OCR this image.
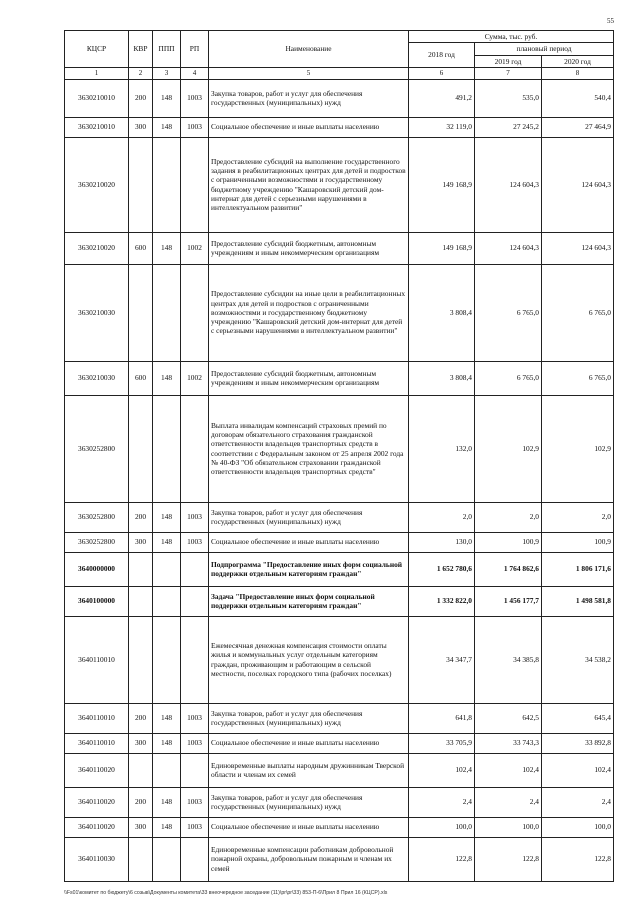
55
КЦСР	КВР	ППП	РП	Наименование	Сумма, тыс. руб.		
					2018 год	плановый период	
						2019 год	2020 год
1	2	3	4	5	6	7	8
3630210010	200	148	1003	Закупка товаров, работ и услуг для обеспечения государственных (муниципальных) нужд	491,2	535,0	540,4
3630210010	300	148	1003	Социальное обеспечение и иные выплаты населению	32 119,0	27 245,2	27 464,9
3630210020				Предоставление субсидий на выполнение государственного задания в реабилитационных центрах для детей и подростков с ограниченными возможностями и государственному бюджетному учреждению "Кашаровский детский дом-интернат для детей с серьезными нарушениями в интеллектуальном развитии"	149 168,9	124 604,3	124 604,3
3630210020	600	148	1002	Предоставление субсидий бюджетным, автономным учреждениям и иным некоммерческим организациям	149 168,9	124 604,3	124 604,3
3630210030				Предоставление субсидии на иные цели в реабилитационных центрах для детей и подростков с ограниченными возможностями и государственному бюджетному учреждению "Кашаровский детский дом-интернат для детей с серьезными нарушениями в интеллектуальном развитии"	3 808,4	6 765,0	6 765,0
3630210030	600	148	1002	Предоставление субсидий бюджетным, автономным учреждениям и иным некоммерческим организациям	3 808,4	6 765,0	6 765,0
3630252800				Выплата инвалидам компенсаций страховых премий по договорам обязательного страхования гражданской ответственности владельцев транспортных средств в соответствии с Федеральным законом от 25 апреля 2002 года № 40-ФЗ "Об обязательном страховании гражданской ответственности владельцев транспортных средств"	132,0	102,9	102,9
3630252800	200	148	1003	Закупка товаров, работ и услуг для обеспечения государственных (муниципальных) нужд	2,0	2,0	2,0
3630252800	300	148	1003	Социальное обеспечение и иные выплаты населению	130,0	100,9	100,9
3640000000				Подпрограмма "Предоставление иных форм социальной поддержки отдельным категориям граждан"	1 652 780,6	1 764 862,6	1 806 171,6
3640100000				Задача "Предоставление иных форм социальной поддержки отдельным категориям граждан"	1 332 822,0	1 456 177,7	1 498 581,8
3640110010				Ежемесячная денежная компенсация стоимости оплаты жилья и коммунальных услуг отдельным категориям граждан, проживающим и работающим в сельской местности, поселках городского типа (рабочих поселках)	34 347,7	34 385,8	34 538,2
3640110010	200	148	1003	Закупка товаров, работ и услуг для обеспечения государственных (муниципальных) нужд	641,8	642,5	645,4
3640110010	300	148	1003	Социальное обеспечение и иные выплаты населению	33 705,9	33 743,3	33 892,8
3640110020				Единовременные выплаты народным дружинникам Тверской области и членам их семей	102,4	102,4	102,4
3640110020	200	148	1003	Закупка товаров, работ и услуг для обеспечения государственных (муниципальных) нужд	2,4	2,4	2,4
3640110020	300	148	1003	Социальное обеспечение и иные выплаты населению	100,0	100,0	100,0
3640110030				Единовременные компенсации работникам добровольной пожарной охраны, добровольным пожарным и членам их семей	122,8	122,8	122,8
\\Fs01\комитет по бюджету\6 созыв\Документы комитета\33 внеочередное заседание (11)\pr\pr\33) 853-П-6\Прил 8 Прил 16 (КЦСР).xls
